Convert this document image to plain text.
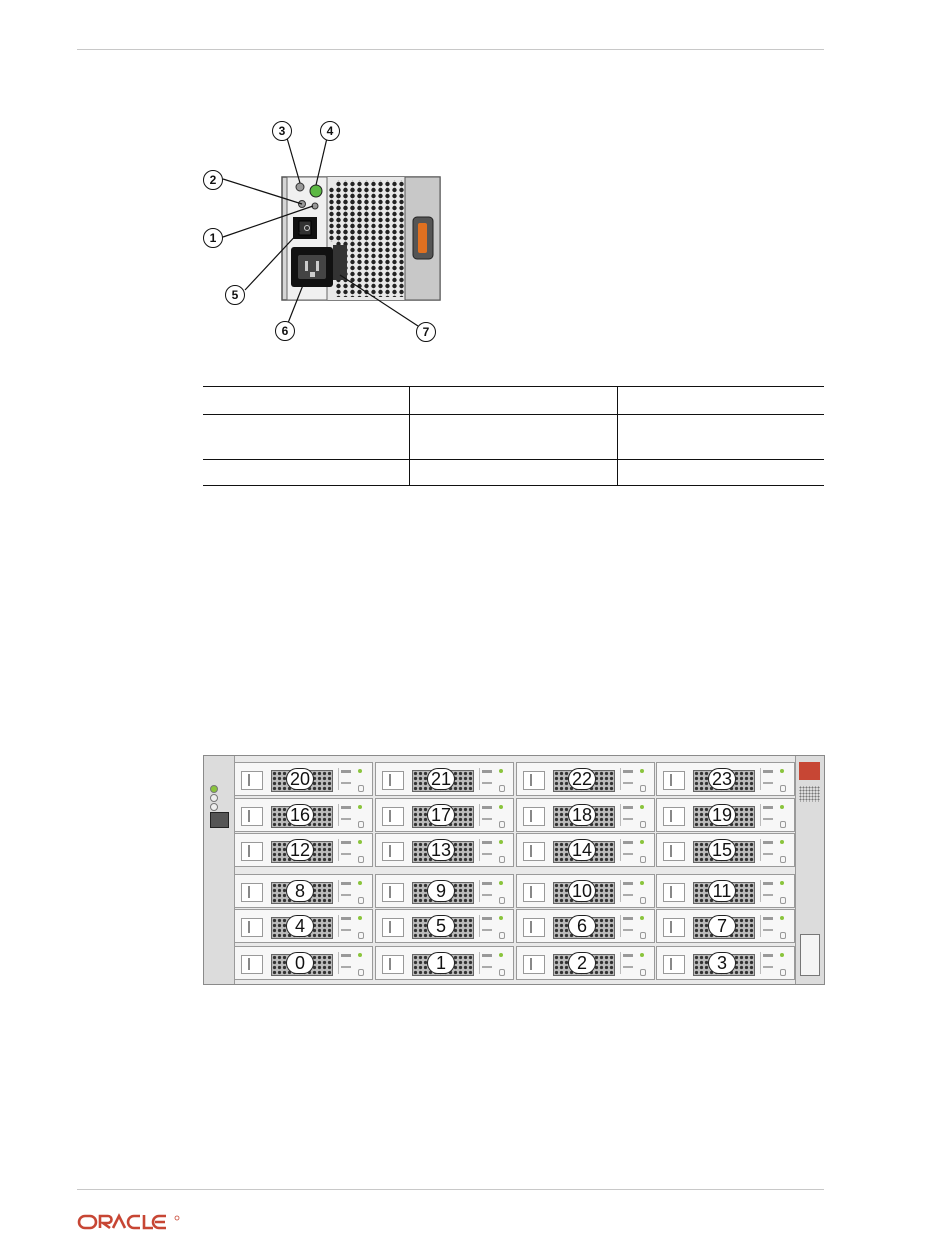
3	4
2
1
5
6	7

20	21	22	23
16	17	18	19
12	13	14	15
8	9	10	11
4	5	6	7
0	1	2	3
